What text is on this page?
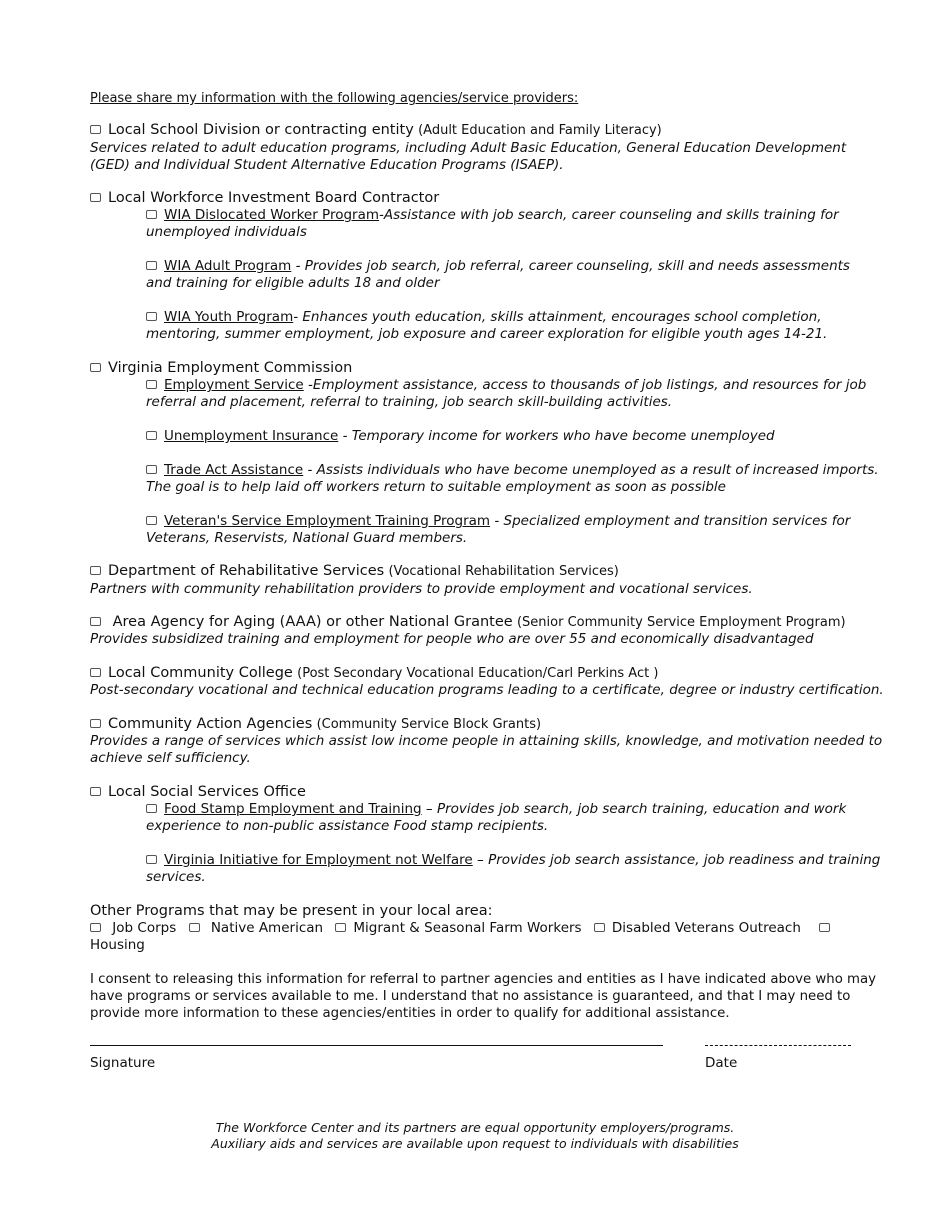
Please share my information with the following agencies/service providers:
Local School Division or contracting entity (Adult Education and Family Literacy)
Services related to adult education programs, including Adult Basic Education, General Education Development
(GED) and Individual Student Alternative Education Programs (ISAEP).
Local Workforce Investment Board Contractor
WIA Dislocated Worker Program-Assistance with job search, career counseling and skills training for
unemployed individuals
WIA Adult Program - Provides job search, job referral, career counseling, skill and needs assessments
and training for eligible adults 18 and older
WIA Youth Program- Enhances youth education, skills attainment, encourages school completion,
mentoring, summer employment, job exposure and career exploration for eligible youth ages 14-21.
Virginia Employment Commission
Employment Service -Employment assistance, access to thousands of job listings, and resources for job
referral and placement, referral to training, job search skill-building activities.
Unemployment Insurance - Temporary income for workers who have become unemployed
Trade Act Assistance - Assists individuals who have become unemployed as a result of increased imports.
The goal is to help laid off workers return to suitable employment as soon as possible
Veteran's Service Employment Training Program - Specialized employment and transition services for
Veterans, Reservists, National Guard members.
Department of Rehabilitative Services (Vocational Rehabilitation Services)
Partners with community rehabilitation providers to provide employment and vocational services.
Area Agency for Aging (AAA) or other National Grantee (Senior Community Service Employment Program)
Provides subsidized training and employment for people who are over 55 and economically disadvantaged
Local Community College (Post Secondary Vocational Education/Carl Perkins Act )
Post-secondary vocational and technical education programs leading to a certificate, degree or industry certification.
Community Action Agencies (Community Service Block Grants)
Provides a range of services which assist low income people in attaining skills, knowledge, and motivation needed to
achieve self sufficiency.
Local Social Services Office
Food Stamp Employment and Training – Provides job search, job search training, education and work
experience to non-public assistance Food stamp recipients.
Virginia Initiative for Employment not Welfare – Provides job search assistance, job readiness and training
services.
Other Programs that may be present in your local area:
Job Corps  Native American Migrant & Seasonal Farm Workers Disabled Veterans Outreach
Housing
I consent to releasing this information for referral to partner agencies and entities as I have indicated above who may
have programs or services available to me. I understand that no assistance is guaranteed, and that I may need to
provide more information to these agencies/entities in order to qualify for additional assistance.
Signature	Date
The Workforce Center and its partners are equal opportunity employers/programs.
Auxiliary aids and services are available upon request to individuals with disabilities
